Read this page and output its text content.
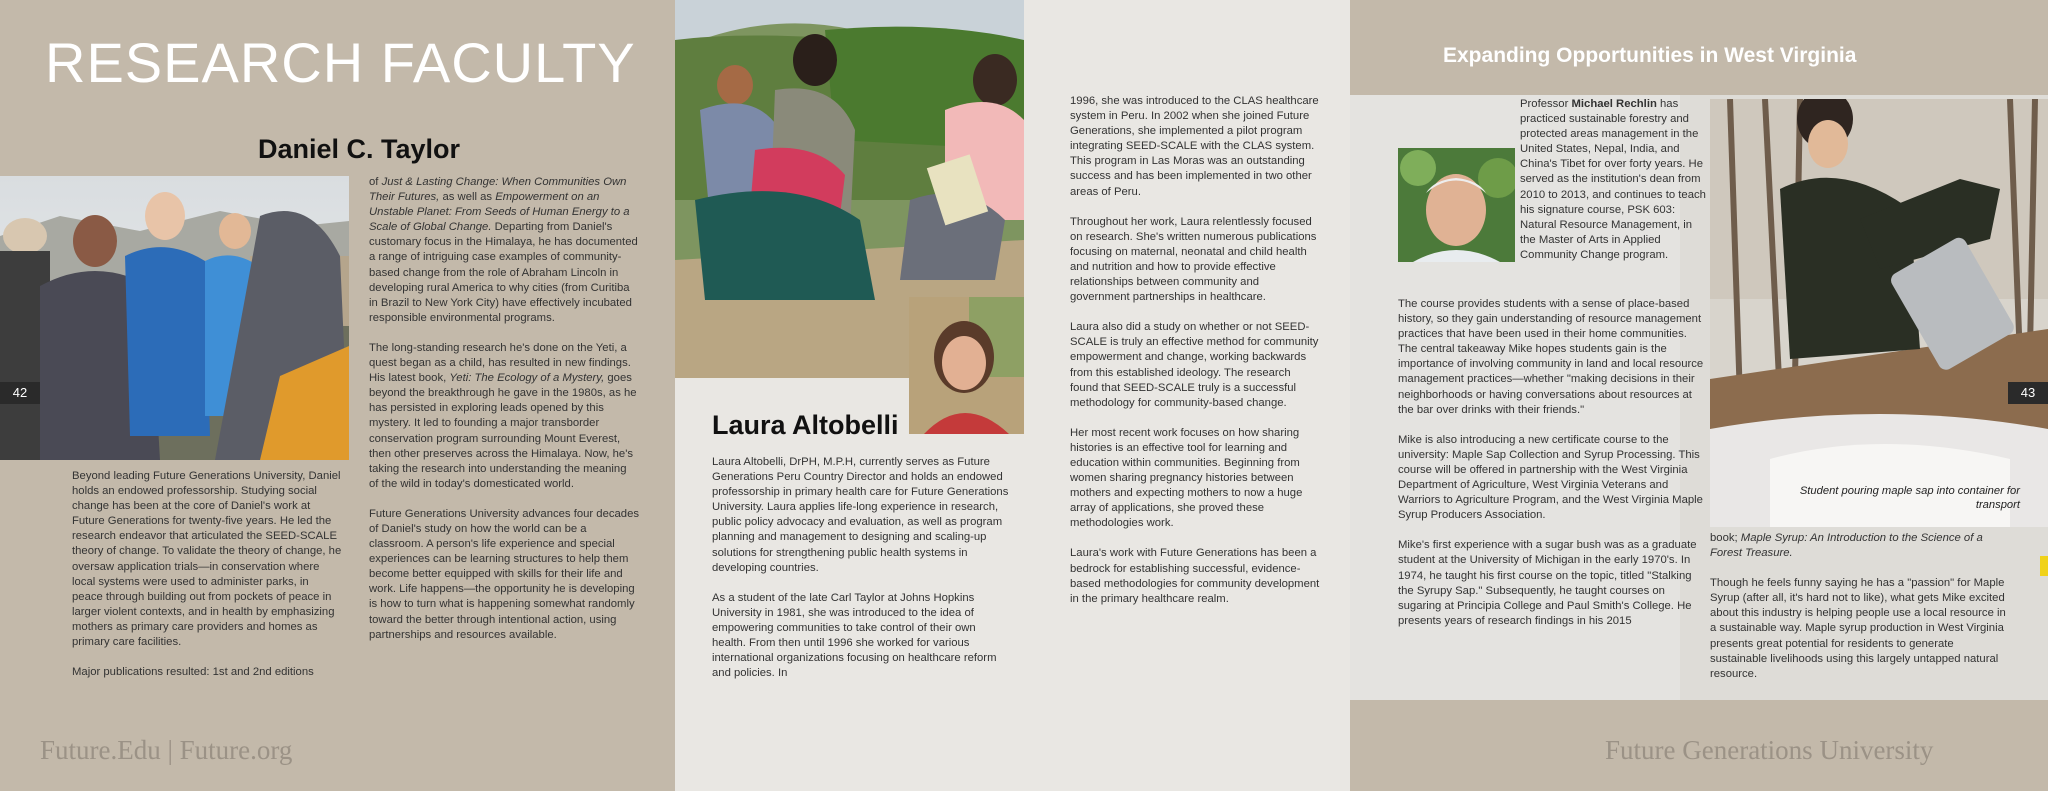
RESEARCH FACULTY
Daniel C. Taylor
42

Beyond leading Future Generations University, Daniel holds an endowed professorship. Studying social change has been at the core of Daniel's work at Future Generations for twenty-five years. He led the research endeavor that articulated the SEED-SCALE theory of change. To validate the theory of change, he oversaw application trials—in conservation where local systems were used to administer parks, in peace through building out from pockets of peace in larger violent contexts, and in health by emphasizing mothers as primary care providers and homes as primary care facilities.

Major publications resulted: 1st and 2nd editions

of Just & Lasting Change: When Communities Own Their Futures, as well as Empowerment on an Unstable Planet: From Seeds of Human Energy to a Scale of Global Change. Departing from Daniel's customary focus in the Himalaya, he has documented a range of intriguing case examples of community-based change from the role of Abraham Lincoln in developing rural America to why cities (from Curitiba in Brazil to New York City) have effectively incubated responsible environmental programs.

The long-standing research he's done on the Yeti, a quest began as a child, has resulted in new findings. His latest book, Yeti: The Ecology of a Mystery, goes beyond the breakthrough he gave in the 1980s, as he has persisted in exploring leads opened by this mystery. It led to founding a major transborder conservation program surrounding Mount Everest, then other preserves across the Himalaya. Now, he's taking the research into understanding the meaning of the wild in today's domesticated world.

Future Generations University advances four decades of Daniel's study on how the world can be a classroom. A person's life experience and special experiences can be learning structures to help them become better equipped with skills for their life and work. Life happens—the opportunity he is developing is how to turn what is happening somewhat randomly toward the better through intentional action, using partnerships and resources available.

Future.Edu | Future.org
Laura Altobelli

Laura Altobelli, DrPH, M.P.H, currently serves as Future Generations Peru Country Director and holds an endowed professorship in primary health care for Future Generations University. Laura applies life-long experience in research, public policy advocacy and evaluation, as well as program planning and management to designing and scaling-up solutions for strengthening public health systems in developing countries.

As a student of the late Carl Taylor at Johns Hopkins University in 1981, she was introduced to the idea of empowering communities to take control of their own health. From then until 1996 she worked for various international organizations focusing on healthcare reform and policies. In

1996, she was introduced to the CLAS healthcare system in Peru. In 2002 when she joined Future Generations, she implemented a pilot program integrating SEED-SCALE with the CLAS system. This program in Las Moras was an outstanding success and has been implemented in two other areas of Peru.

Throughout her work, Laura relentlessly focused on research. She's written numerous publications focusing on maternal, neonatal and child health and nutrition and how to provide effective relationships between community and government partnerships in healthcare.

Laura also did a study on whether or not SEED-SCALE is truly an effective method for community empowerment and change, working backwards from this established ideology. The research found that SEED-SCALE truly is a successful methodology for community-based change.

Her most recent work focuses on how sharing histories is an effective tool for learning and education within communities. Beginning from women sharing pregnancy histories between mothers and expecting mothers to now a huge array of applications, she proved these methodologies work.

Laura's work with Future Generations has been a bedrock for establishing successful, evidence-based methodologies for community development in the primary healthcare realm.

Expanding Opportunities in West Virginia

Professor Michael Rechlin has practiced sustainable forestry and protected areas management in the United States, Nepal, India, and China's Tibet for over forty years. He served as the institution's dean from 2010 to 2013, and continues to teach his signature course, PSK 603: Natural Resource Management, in the Master of Arts in Applied Community Change program.

The course provides students with a sense of place-based history, so they gain understanding of resource management practices that have been used in their home communities. The central takeaway Mike hopes students gain is the importance of involving community in land and local resource management practices—whether "making decisions in their neighborhoods or having conversations about resources at the bar over drinks with their friends."

Mike is also introducing a new certificate course to the university: Maple Sap Collection and Syrup Processing. This course will be offered in partnership with the West Virginia Department of Agriculture, West Virginia Veterans and Warriors to Agriculture Program, and the West Virginia Maple Syrup Producers Association.

Mike's first experience with a sugar bush was as a graduate student at the University of Michigan in the early 1970's. In 1974, he taught his first course on the topic, titled "Stalking the Syrupy Sap." Subsequently, he taught courses on sugaring at Principia College and Paul Smith's College. He presents years of research findings in his 2015

Student pouring maple sap into container for transport
43

book; Maple Syrup: An Introduction to the Science of a Forest Treasure.

Though he feels funny saying he has a "passion" for Maple Syrup (after all, it's hard not to like), what gets Mike excited about this industry is helping people use a local resource in a sustainable way. Maple syrup production in West Virginia presents great potential for residents to generate sustainable livelihoods using this largely untapped natural resource.

Future Generations University
